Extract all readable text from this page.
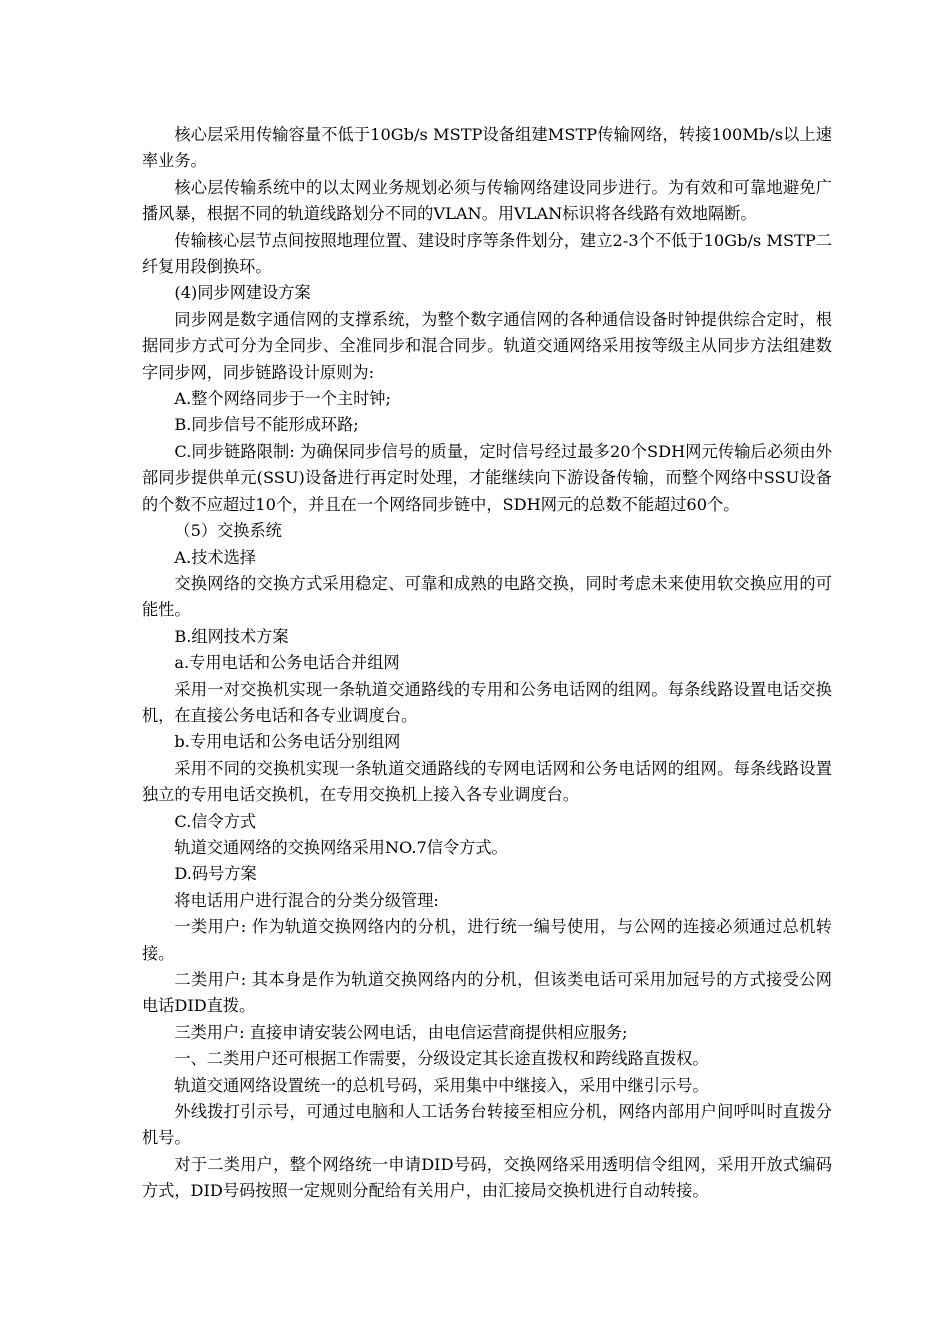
核心层采用传输容量不低于10Gb/s MSTP设备组建MSTP传输网络，转接100Mb/s以上速率业务。

核心层传输系统中的以太网业务规划必须与传输网络建设同步进行。为有效和可靠地避免广播风暴，根据不同的轨道线路划分不同的VLAN。用VLAN标识将各线路有效地隔断。

传输核心层节点间按照地理位置、建设时序等条件划分，建立2-3个不低于10Gb/s MSTP二纤复用段倒换环。

(4)同步网建设方案

同步网是数字通信网的支撑系统，为整个数字通信网的各种通信设备时钟提供综合定时，根据同步方式可分为全同步、全准同步和混合同步。轨道交通网络采用按等级主从同步方法组建数字同步网，同步链路设计原则为:

A.整个网络同步于一个主时钟;

B.同步信号不能形成环路;

C.同步链路限制: 为确保同步信号的质量，定时信号经过最多20个SDH网元传输后必须由外部同步提供单元(SSU)设备进行再定时处理，才能继续向下游设备传输，而整个网络中SSU设备的个数不应超过10个，并且在一个网络同步链中，SDH网元的总数不能超过60个。

（5）交换系统

A.技术选择

交换网络的交换方式采用稳定、可靠和成熟的电路交换，同时考虑未来使用软交换应用的可能性。

B.组网技术方案

a.专用电话和公务电话合并组网

采用一对交换机实现一条轨道交通路线的专用和公务电话网的组网。每条线路设置电话交换机，在直接公务电话和各专业调度台。

b.专用电话和公务电话分别组网

采用不同的交换机实现一条轨道交通路线的专网电话网和公务电话网的组网。每条线路设置独立的专用电话交换机，在专用交换机上接入各专业调度台。

C.信令方式

轨道交通网络的交换网络采用NO.7信令方式。

D.码号方案

将电话用户进行混合的分类分级管理:

一类用户: 作为轨道交换网络内的分机，进行统一编号使用，与公网的连接必须通过总机转接。

二类用户: 其本身是作为轨道交换网络内的分机，但该类电话可采用加冠号的方式接受公网电话DID直拨。

三类用户: 直接申请安装公网电话，由电信运营商提供相应服务;

一、二类用户还可根据工作需要，分级设定其长途直拨权和跨线路直拨权。

轨道交通网络设置统一的总机号码，采用集中中继接入，采用中继引示号。

外线拨打引示号，可通过电脑和人工话务台转接至相应分机，网络内部用户间呼叫时直拨分机号。

对于二类用户，整个网络统一申请DID号码，交换网络采用透明信令组网，采用开放式编码方式，DID号码按照一定规则分配给有关用户，由汇接局交换机进行自动转接。
